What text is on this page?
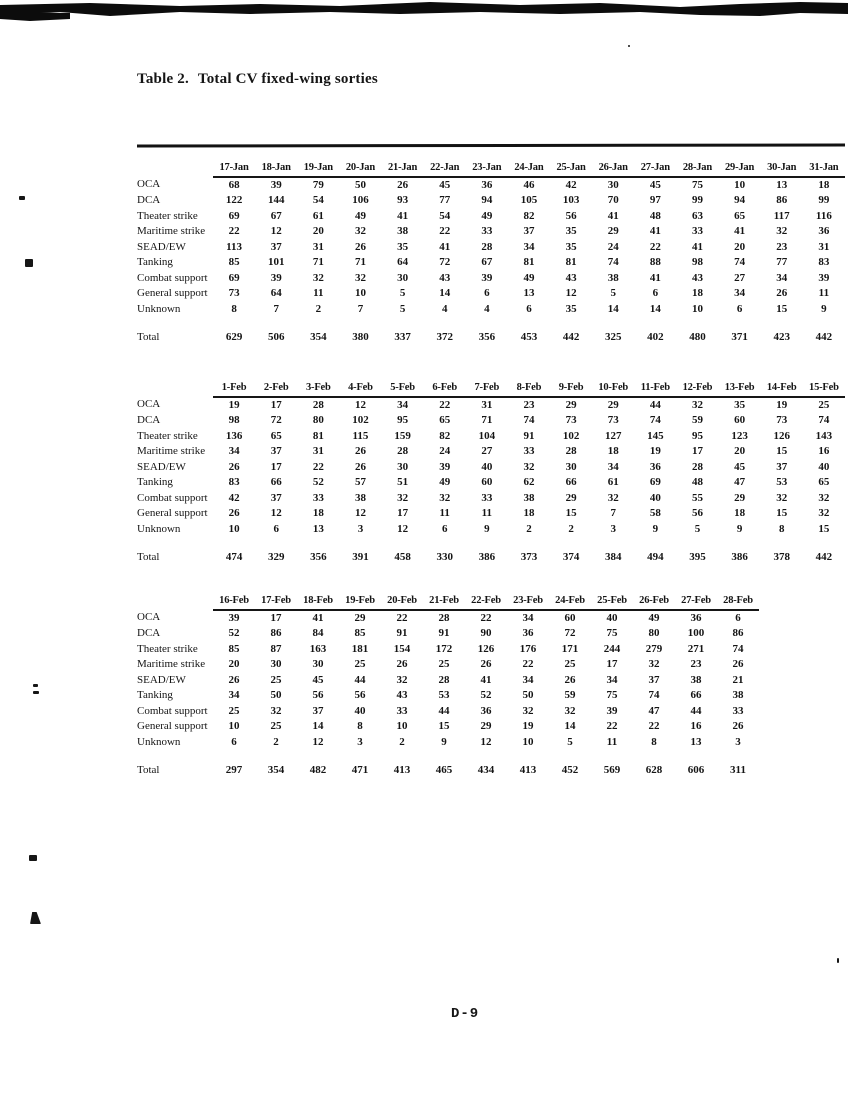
Table 2. Total CV fixed-wing sorties
	17-Jan	18-Jan	19-Jan	20-Jan	21-Jan	22-Jan	23-Jan	24-Jan	25-Jan	26-Jan	27-Jan	28-Jan	29-Jan	30-Jan	31-Jan
OCA	68	39	79	50	26	45	36	46	42	30	45	75	10	13	18
DCA	122	144	54	106	93	77	94	105	103	70	97	99	94	86	99
Theater strike	69	67	61	49	41	54	49	82	56	41	48	63	65	117	116
Maritime strike	22	12	20	32	38	22	33	37	35	29	41	33	41	32	36
SEAD/EW	113	37	31	26	35	41	28	34	35	24	22	41	20	23	31
Tanking	85	101	71	71	64	72	67	81	81	74	88	98	74	77	83
Combat support	69	39	32	32	30	43	39	49	43	38	41	43	27	34	39
General support	73	64	11	10	5	14	6	13	12	5	6	18	34	26	11
Unknown	8	7	2	7	5	4	4	6	35	14	14	10	6	15	9

Total	629	506	354	380	337	372	356	453	442	325	402	480	371	423	442
	1-Feb	2-Feb	3-Feb	4-Feb	5-Feb	6-Feb	7-Feb	8-Feb	9-Feb	10-Feb	11-Feb	12-Feb	13-Feb	14-Feb	15-Feb
OCA	19	17	28	12	34	22	31	23	29	29	44	32	35	19	25
DCA	98	72	80	102	95	65	71	74	73	73	74	59	60	73	74
Theater strike	136	65	81	115	159	82	104	91	102	127	145	95	123	126	143
Maritime strike	34	37	31	26	28	24	27	33	28	18	19	17	20	15	16
SEAD/EW	26	17	22	26	30	39	40	32	30	34	36	28	45	37	40
Tanking	83	66	52	57	51	49	60	62	66	61	69	48	47	53	65
Combat support	42	37	33	38	32	32	33	38	29	32	40	55	29	32	32
General support	26	12	18	12	17	11	11	18	15	7	58	56	18	15	32
Unknown	10	6	13	3	12	6	9	2	2	3	9	5	9	8	15

Total	474	329	356	391	458	330	386	373	374	384	494	395	386	378	442
	16-Feb	17-Feb	18-Feb	19-Feb	20-Feb	21-Feb	22-Feb	23-Feb	24-Feb	25-Feb	26-Feb	27-Feb	28-Feb
OCA	39	17	41	29	22	28	22	34	60	40	49	36	6
DCA	52	86	84	85	91	91	90	36	72	75	80	100	86
Theater strike	85	87	163	181	154	172	126	176	171	244	279	271	74
Maritime strike	20	30	30	25	26	25	26	22	25	17	32	23	26
SEAD/EW	26	25	45	44	32	28	41	34	26	34	37	38	21
Tanking	34	50	56	56	43	53	52	50	59	75	74	66	38
Combat support	25	32	37	40	33	44	36	32	32	39	47	44	33
General support	10	25	14	8	10	15	29	19	14	22	22	16	26
Unknown	6	2	12	3	2	9	12	10	5	11	8	13	3

Total	297	354	482	471	413	465	434	413	452	569	628	606	311
D-9
